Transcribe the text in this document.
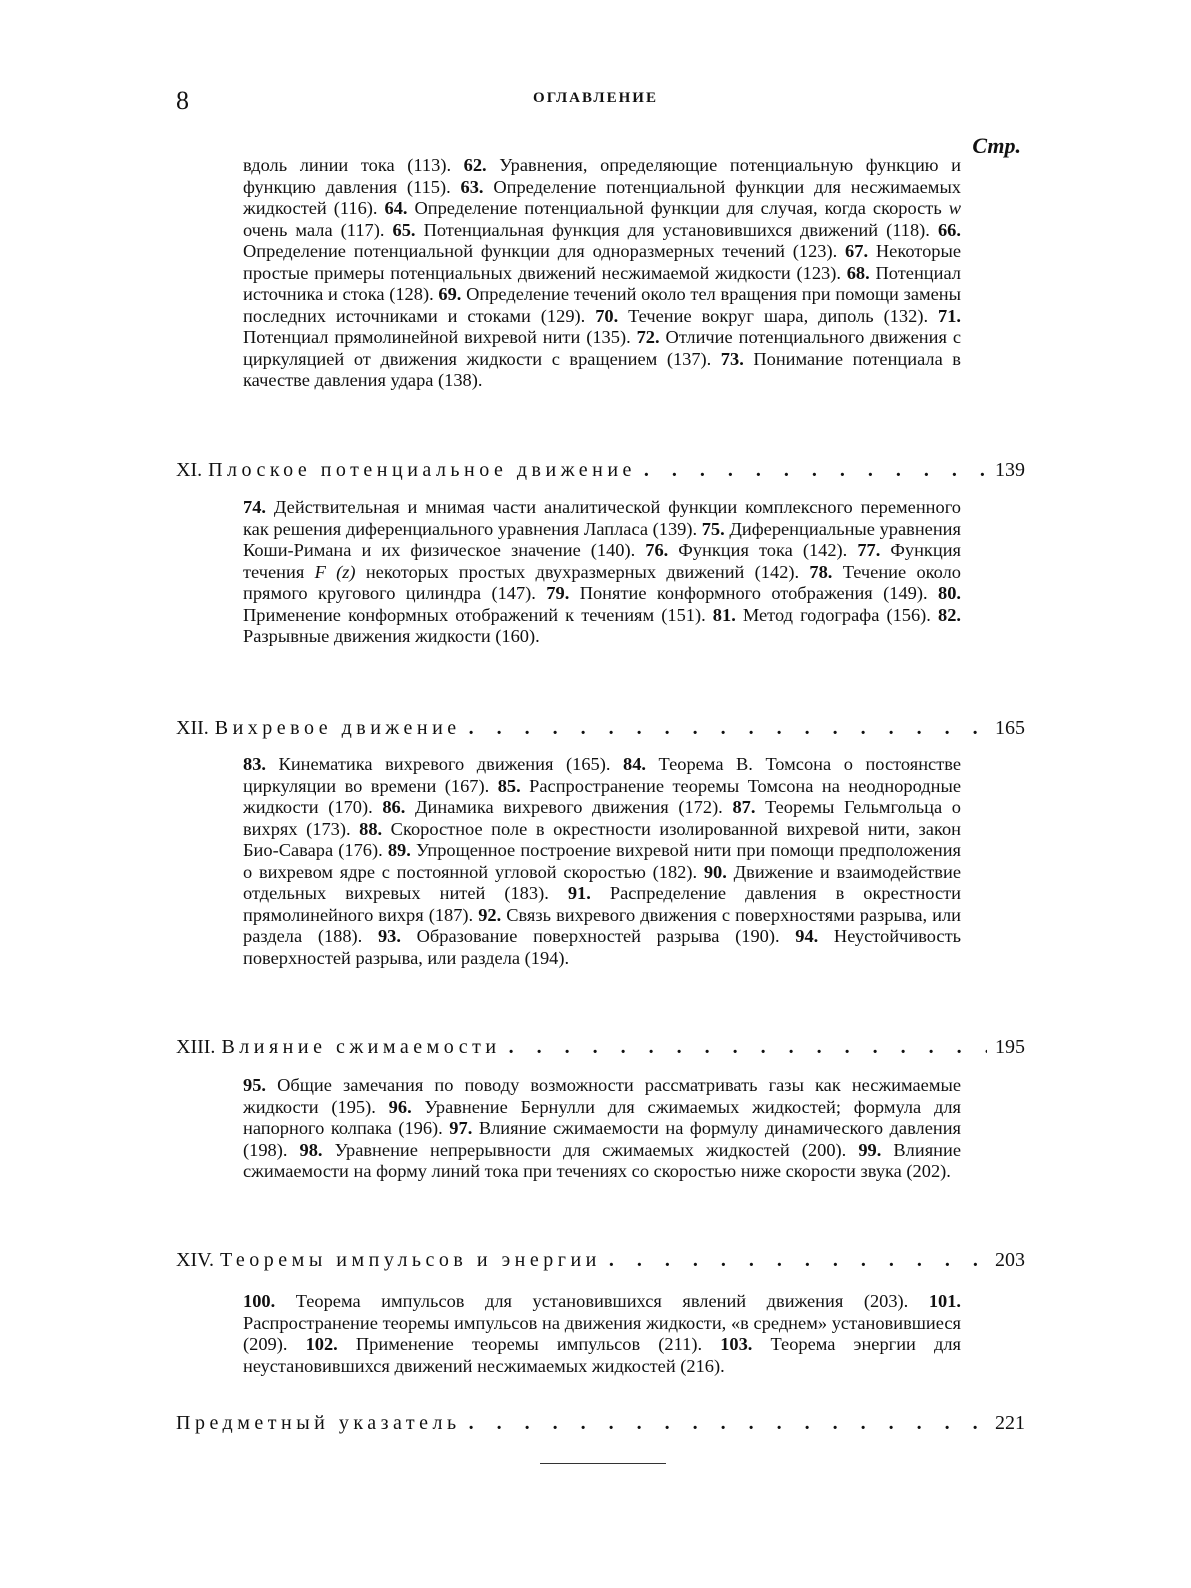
8	ОГЛАВЛЕНИЕ
Стр.

вдоль линии тока (113). 62. Уравнения, определяющие потенциальную функцию и функцию давления (115). 63. Определение потенциальной функции для несжимаемых жидкостей (116). 64. Определение потенциальной функции для случая, когда скорость w очень мала (117). 65. Потенциальная функция для установившихся движений (118). 66. Определение потенциальной функции для одноразмерных течений (123). 67. Некоторые простые примеры потенциальных движений несжимаемой жидкости (123). 68. Потенциал источника и стока (128). 69. Определение течений около тел вращения при помощи замены последних источниками и стоками (129). 70. Течение вокруг шара, диполь (132). 71. Потенциал прямолинейной вихревой нити (135). 72. Отличие потенциального движения с циркуляцией от движения жидкости с вращением (137). 73. Понимание потенциала в качестве давления удара (138).

XI. Плоское потенциальное движение . . .	139

74. Действительная и мнимая части аналитической функции комплексного переменного как решения диференциального уравнения Лапласа (139). 75. Диференциальные уравнения Коши-Римана и их физическое значение (140). 76. Функция тока (142). 77. Функция течения F (z) некоторых простых двухразмерных движений (142). 78. Течение около прямого кругового цилиндра (147). 79. Понятие конформного отображения (149). 80. Применение конформных отображений к течениям (151). 81. Метод годографа (156). 82. Разрывные движения жидкости (160).

XII. Вихревое движение . . .	165

83. Кинематика вихревого движения (165). 84. Теорема В. Томсона о постоянстве циркуляции во времени (167). 85. Распространение теоремы Томсона на неоднородные жидкости (170). 86. Динамика вихревого движения (172). 87. Теоремы Гельмгольца о вихрях (173). 88. Скоростное поле в окрестности изолированной вихревой нити, закон Био-Савара (176). 89. Упрощенное построение вихревой нити при помощи предположения о вихревом ядре с постоянной угловой скоростью (182). 90. Движение и взаимодействие отдельных вихревых нитей (183). 91. Распределение давления в окрестности прямолинейного вихря (187). 92. Связь вихревого движения с поверхностями разрыва, или раздела (188). 93. Образование поверхностей разрыва (190). 94. Неустойчивость поверхностей разрыва, или раздела (194).

XIII. Влияние сжимаемости . . .	195

95. Общие замечания по поводу возможности рассматривать газы как несжимаемые жидкости (195). 96. Уравнение Бернулли для сжимаемых жидкостей; формула для напорного колпака (196). 97. Влияние сжимаемости на формулу динамического давления (198). 98. Уравнение непрерывности для сжимаемых жидкостей (200). 99. Влияние сжимаемости на форму линий тока при течениях со скоростью ниже скорости звука (202).

XIV. Теоремы импульсов и энергии . . .	203

100. Теорема импульсов для установившихся явлений движения (203). 101. Распространение теоремы импульсов на движения жидкости, «в среднем» установившиеся (209). 102. Применение теоремы импульсов (211). 103. Теорема энергии для неустановившихся движений несжимаемых жидкостей (216).

Предметный указатель . . .	221
